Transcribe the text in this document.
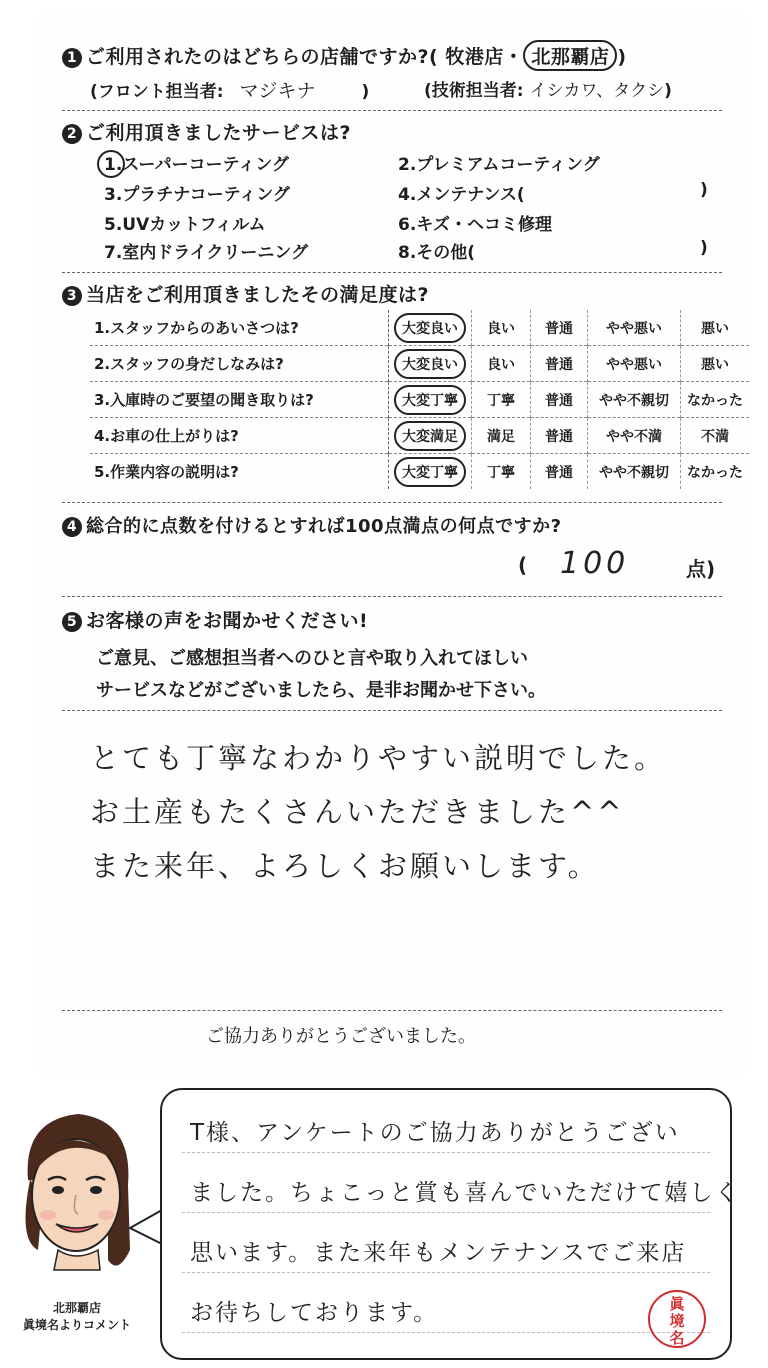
1 ご利用されたのはどちらの店舗ですか?( 牧港店・ 北那覇店 )
(フロント担当者: マジキナ	)	(技術担当者: イシカワ、タクシ)
2 ご利用頂きましたサービスは?
1.スーパーコーティング	2.プレミアムコーティング
3.プラチナコーティング	4.メンテナンス(	)
5.UVカットフィルム	6.キズ・ヘコミ修理
7.室内ドライクリーニング	8.その他(	)
3 当店をご利用頂きましたその満足度は?
1.スタッフからのあいさつは?	大変良い	良い	普通	やや悪い	悪い
2.スタッフの身だしなみは?	大変良い	良い	普通	やや悪い	悪い
3.入庫時のご要望の聞き取りは?	大変丁寧	丁寧	普通	やや不親切	なかった
4.お車の仕上がりは?	大変満足	満足	普通	やや不満	不満
5.作業内容の説明は?	大変丁寧	丁寧	普通	やや不親切	なかった
4 総合的に点数を付けるとすれば100点満点の何点ですか?
( 100	点)
5 お客様の声をお聞かせください!
ご意見、ご感想担当者へのひと言や取り入れてほしい
サービスなどがございましたら、是非お聞かせ下さい。
とても丁寧なわかりやすい説明でした。
お土産もたくさんいただきました^^
また来年、よろしくお願いします。
ご協力ありがとうございました。
北那覇店
眞境名よりコメント
T様、アンケートのご協力ありがとうござい
ました。ちょこっと賞も喜んでいただけて嬉しく
思います。また来年もメンテナンスでご来店
お待ちしております。	眞
境
名
